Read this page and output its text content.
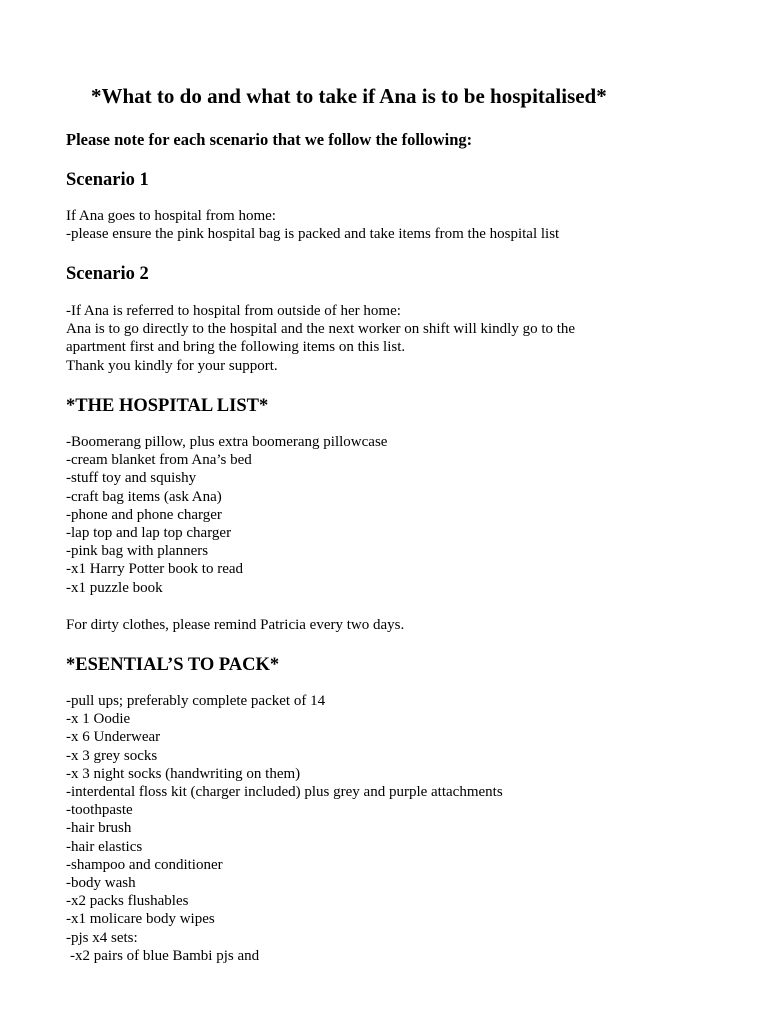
*What to do and what to take if Ana is to be hospitalised*

Please note for each scenario that we follow the following:

Scenario 1
If Ana goes to hospital from home:
-please ensure the pink hospital bag is packed and take items from the hospital list
Scenario 2
-If Ana is referred to hospital from outside of her home:
Ana is to go directly to the hospital and the next worker on shift will kindly go to the
apartment first and bring the following items on this list.
Thank you kindly for your support.
*THE HOSPITAL LIST*
-Boomerang pillow, plus extra boomerang pillowcase
-cream blanket from Ana’s bed
-stuff toy and squishy
-craft bag items (ask Ana)
-phone and phone charger
-lap top and lap top charger
-pink bag with planners
-x1 Harry Potter book to read
-x1 puzzle book

For dirty clothes, please remind Patricia every two days.

*ESENTIAL’S TO PACK*
-pull ups; preferably complete packet of 14
-x 1 Oodie
-x 6 Underwear
-x 3 grey socks
-x 3 night socks (handwriting on them)
-interdental floss kit (charger included) plus grey and purple attachments
-toothpaste
-hair brush
-hair elastics
-shampoo and conditioner
-body wash
-x2 packs flushables
-x1 molicare body wipes
-pjs x4 sets:
-x2 pairs of blue Bambi pjs and
